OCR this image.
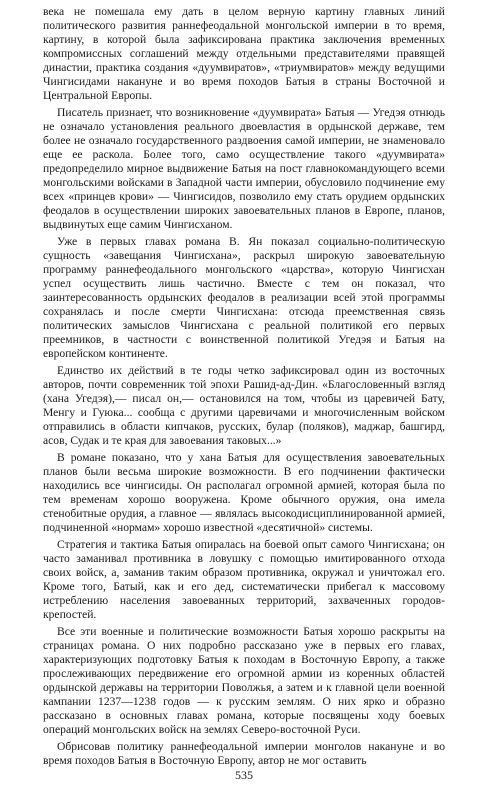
века не помешала ему дать в целом верную картину главных линий политического развития раннефеодальной монгольской империи в то время, картину, в которой была зафиксирована практика заключения временных компромиссных соглашений между отдельными представителями правящей династии, практика создания «дуумвиратов», «триумвиратов» между ведущими Чингисидами накануне и во время походов Батыя в страны Восточной и Центральной Европы.

Писатель признает, что возникновение «дуумвирата» Батыя — Угедэя отнюдь не означало установления реального двоевластия в ордынской державе, тем более не означало государственного раздвоения самой империи, не знаменовало еще ее раскола. Более того, само осуществление такого «дуумвирата» предопределило мирное выдвижение Батыя на пост главнокомандующего всеми монгольскими войсками в Западной части империи, обусловило подчинение ему всех «принцев крови» — Чингисидов, позволило ему стать орудием ордынских феодалов в осуществлении широких завоевательных планов в Европе, планов, выдвинутых еще самим Чингисханом.

Уже в первых главах романа В. Ян показал социально-политическую сущность «завещания Чингисхана», раскрыл широкую завоевательную программу раннефеодального монгольского «царства», которую Чингисхан успел осуществить лишь частично. Вместе с тем он показал, что заинтересованность ордынских феодалов в реализации всей этой программы сохранялась и после смерти Чингисхана: отсюда преемственная связь политических замыслов Чингисхана с реальной политикой его первых преемников, в частности с воинственной политикой Угедэя и Батыя на европейском континенте.

Единство их действий в те годы четко зафиксировал один из восточных авторов, почти современник той эпохи Рашид-ад-Дин. «Благословенный взгляд (хана Угедэя),— писал он,— остановился на том, чтобы из царевичей Бату, Менгу и Гуюка... сообща с другими царевичами и многочисленным войском отправились в области кипчаков, русских, булар (поляков), маджар, башгирд, асов, Судак и те края для завоевания таковых...»

В романе показано, что у хана Батыя для осуществления завоевательных планов были весьма широкие возможности. В его подчинении фактически находились все чингисиды. Он располагал огромной армией, которая была по тем временам хорошо вооружена. Кроме обычного оружия, она имела стенобитные орудия, а главное — являлась высокодисциплинированной армией, подчиненной «нормам» хорошо известной «десятичной» системы.

Стратегия и тактика Батыя опиралась на боевой опыт самого Чингисхана; он часто заманивал противника в ловушку с помощью имитированного отхода своих войск, а, заманив таким образом противника, окружал и уничтожал его. Кроме того, Батый, как и его дед, систематически прибегал к массовому истреблению населения завоеванных территорий, захваченных городов-крепостей.

Все эти военные и политические возможности Батыя хорошо раскрыты на страницах романа. О них подробно рассказано уже в первых его главах, характеризующих подготовку Батыя к походам в Восточную Европу, а также прослеживающих передвижение его огромной армии из коренных областей ордынской державы на территории Поволжья, а затем и к главной цели военной кампании 1237—1238 годов — к русским землям. О них ярко и образно рассказано в основных главах романа, которые посвящены ходу боевых операций монгольских войск на землях Северо-восточной Руси.

Обрисовав политику раннефеодальной империи монголов накануне и во время походов Батыя в Восточную Европу, автор не мог оставить

535
